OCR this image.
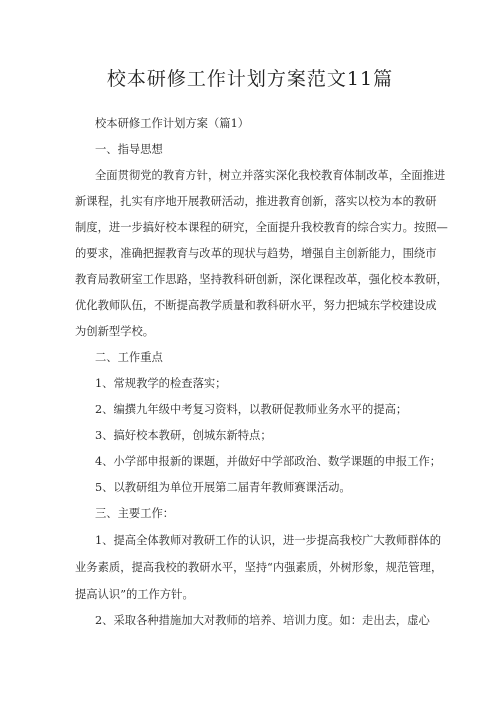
校本研修工作计划方案范文11篇
校本研修工作计划方案（篇1）
一、指导思想
全面贯彻党的教育方针，树立并落实深化我校教育体制改革，全面推进
新课程，扎实有序地开展教研活动，推进教育创新，落实以校为本的教研
制度，进一步搞好校本课程的研究，全面提升我校教育的综合实力。按照—
的要求，准确把握教育与改革的现状与趋势，增强自主创新能力，围绕市
教育局教研室工作思路，坚持教科研创新，深化课程改革，强化校本教研，
优化教师队伍，不断提高教学质量和教科研水平，努力把城东学校建设成
为创新型学校。
二、工作重点
1、常规教学的检查落实；
2、编撰九年级中考复习资料，以教研促教师业务水平的提高；
3、搞好校本教研，创城东新特点；
4、小学部申报新的课题，并做好中学部政治、数学课题的申报工作；
5、以教研组为单位开展第二届青年教师赛课活动。
三、主要工作：
1、提高全体教师对教研工作的认识，进一步提高我校广大教师群体的
业务素质，提高我校的教研水平，坚持“内强素质，外树形象，规范管理，
提高认识”的工作方针。
2、采取各种措施加大对教师的培养、培训力度。如：走出去，虚心
